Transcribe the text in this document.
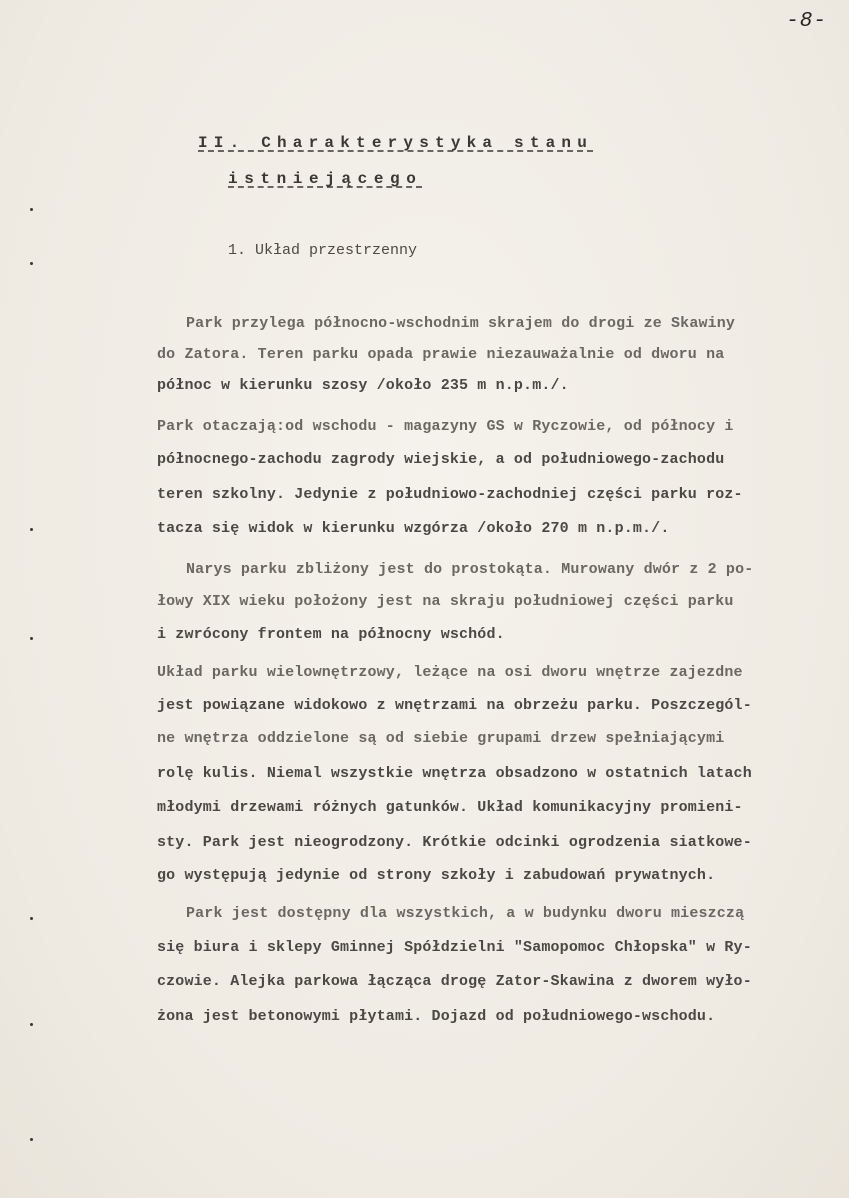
-8-
II. Charakterystyka stanu
istniejącego
1. Układ przestrzenny
Park przylega północno-wschodnim skrajem do drogi ze Skawiny
do Zatora. Teren parku opada prawie niezauważalnie od dworu na
północ w kierunku szosy /około 235 m n.p.m./.
Park otaczają:od wschodu - magazyny GS w Ryczowie, od północy i
północnego-zachodu zagrody wiejskie, a od południowego-zachodu
teren szkolny. Jedynie z południowo-zachodniej części parku roz-
tacza się widok w kierunku wzgórza /około 270 m n.p.m./.
Narys parku zbliżony jest do prostokąta. Murowany dwór z 2 po-
łowy XIX wieku położony jest na skraju południowej części parku
i zwrócony frontem na północny wschód.
Układ parku wielownętrzowy, leżące na osi dworu wnętrze zajezdne
jest powiązane widokowo z wnętrzami na obrzeżu parku. Poszczegól-
ne wnętrza oddzielone są od siebie grupami drzew spełniającymi
rolę kulis. Niemal wszystkie wnętrza obsadzono w ostatnich latach
młodymi drzewami różnych gatunków. Układ komunikacyjny promieni-
sty. Park jest nieogrodzony. Krótkie odcinki ogrodzenia siatkowe-
go występują jedynie od strony szkoły i zabudowań prywatnych.
Park jest dostępny dla wszystkich, a w budynku dworu mieszczą
się biura i sklepy Gminnej Spółdzielni "Samopomoc Chłopska" w Ry-
czowie. Alejka parkowa łącząca drogę Zator-Skawina z dworem wyło-
żona jest betonowymi płytami. Dojazd od południowego-wschodu.
